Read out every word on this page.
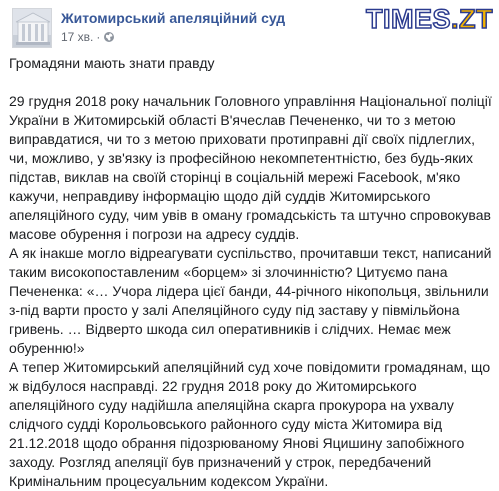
Житомирський апеляційний суд
17 хв. ·
TIMES.ZT

Громадяни мають знати правду

29 грудня 2018 року начальник Головного управління Національної поліції України в Житомирській області В'ячеслав Печененко, чи то з метою виправдатися, чи то з метою приховати протиправні дії своїх підлеглих, чи, можливо, у зв'язку із професійною некомпетентністю, без будь-яких підстав, виклав на своїй сторінці в соціальній мережі Facebook, м'яко кажучи, неправдиву інформацію щодо дій суддів Житомирського апеляційного суду, чим увів в оману громадськість та штучно спровокував масове обурення і погрози на адресу суддів.

А як інакше могло відреагувати суспільство, прочитавши текст, написаний таким високопоставленим «борцем» зі злочинністю? Цитуємо пана Печененка: «… Учора лідера цієї банди, 44-річного нікопольця, звільнили з-під варти просто у залі Апеляційного суду під заставу у півмільйона гривень. … Відверто шкода сил оперативників і слідчих. Немає меж обуренню!»

А тепер Житомирський апеляційний суд хоче повідомити громадянам, що ж відбулося насправді. 22 грудня 2018 року до Житомирського апеляційного суду надійшла апеляційна скарга прокурора на ухвалу слідчого судді Корольовського районного суду міста Житомира від 21.12.2018 щодо обрання підозрюваному Янові Яцишину запобіжного заходу. Розгляд апеляції був призначений у строк, передбачений Кримінальним процесуальним кодексом України.
